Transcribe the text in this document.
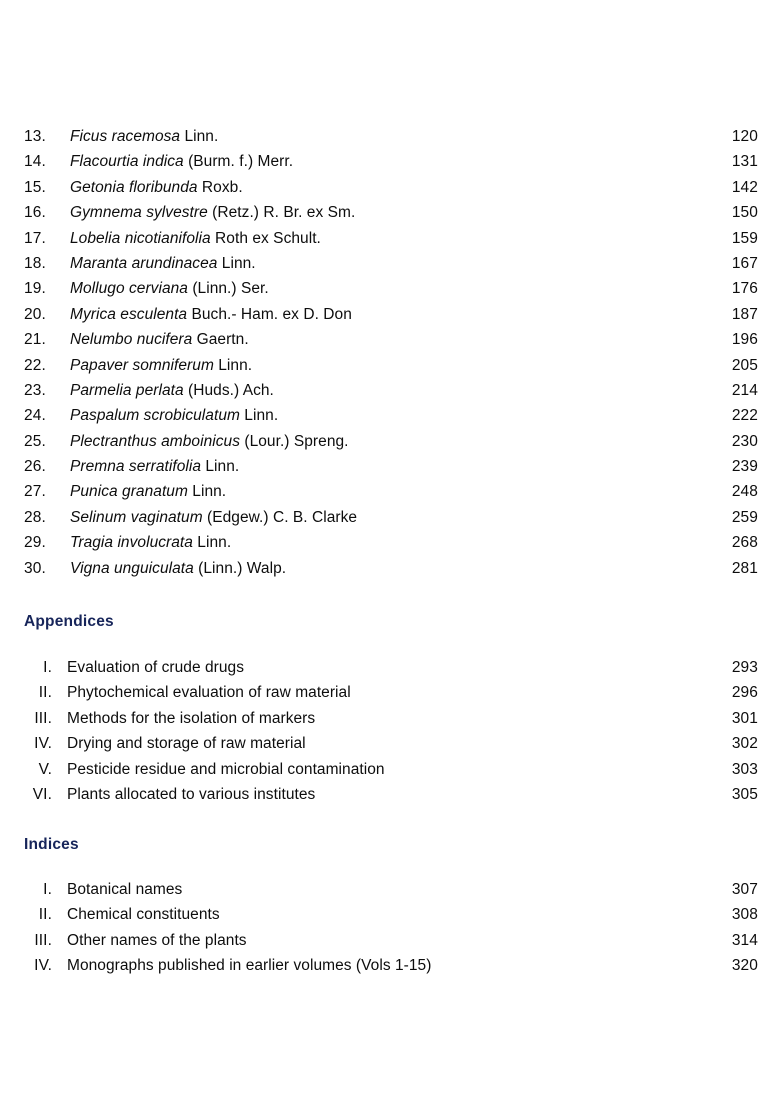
13.	Ficus racemosa Linn.	120
14.	Flacourtia indica (Burm. f.) Merr.	131
15.	Getonia floribunda Roxb.	142
16.	Gymnema sylvestre (Retz.) R. Br. ex Sm.	150
17.	Lobelia nicotianifolia Roth ex Schult.	159
18.	Maranta arundinacea Linn.	167
19.	Mollugo cerviana (Linn.) Ser.	176
20.	Myrica esculenta Buch.- Ham. ex D. Don	187
21.	Nelumbo nucifera Gaertn.	196
22.	Papaver somniferum Linn.	205
23.	Parmelia perlata (Huds.) Ach.	214
24.	Paspalum scrobiculatum Linn.	222
25.	Plectranthus amboinicus (Lour.) Spreng.	230
26.	Premna serratifolia Linn.	239
27.	Punica granatum Linn.	248
28.	Selinum vaginatum (Edgew.) C. B. Clarke	259
29.	Tragia involucrata Linn.	268
30.	Vigna unguiculata (Linn.) Walp.	281
Appendices
I. Evaluation of crude drugs	293
II. Phytochemical evaluation of raw material	296
III. Methods for the isolation of markers	301
IV. Drying and storage of raw material	302
V. Pesticide residue and microbial contamination	303
VI. Plants allocated to various institutes	305
Indices
I. Botanical names	307
II. Chemical constituents	308
III. Other names of the plants	314
IV. Monographs published in earlier volumes (Vols 1-15)	320
